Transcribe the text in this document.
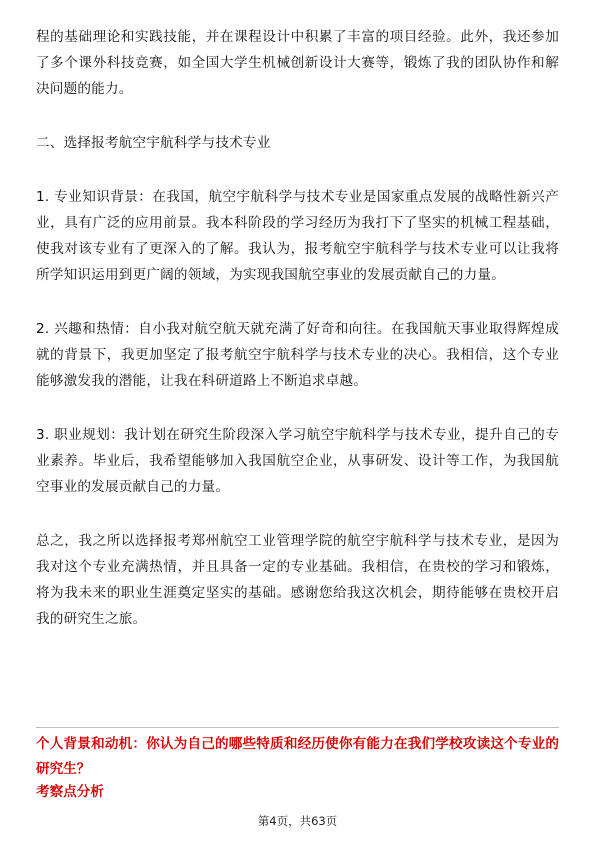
程的基础理论和实践技能，并在课程设计中积累了丰富的项目经验。此外，我还参加了多个课外科技竞赛，如全国大学生机械创新设计大赛等，锻炼了我的团队协作和解决问题的能力。

二、选择报考航空宇航科学与技术专业

1. 专业知识背景：在我国，航空宇航科学与技术专业是国家重点发展的战略性新兴产业，具有广泛的应用前景。我本科阶段的学习经历为我打下了坚实的机械工程基础，使我对该专业有了更深入的了解。我认为，报考航空宇航科学与技术专业可以让我将所学知识运用到更广阔的领域，为实现我国航空事业的发展贡献自己的力量。

2. 兴趣和热情：自小我对航空航天就充满了好奇和向往。在我国航天事业取得辉煌成就的背景下，我更加坚定了报考航空宇航科学与技术专业的决心。我相信，这个专业能够激发我的潜能，让我在科研道路上不断追求卓越。

3. 职业规划：我计划在研究生阶段深入学习航空宇航科学与技术专业，提升自己的专业素养。毕业后，我希望能够加入我国航空企业，从事研发、设计等工作，为我国航空事业的发展贡献自己的力量。

总之，我之所以选择报考郑州航空工业管理学院的航空宇航科学与技术专业，是因为我对这个专业充满热情，并且具备一定的专业基础。我相信，在贵校的学习和锻炼，将为我未来的职业生涯奠定坚实的基础。感谢您给我这次机会，期待能够在贵校开启我的研究生之旅。

个人背景和动机：你认为自己的哪些特质和经历使你有能力在我们学校攻读这个专业的研究生？
考察点分析
第4页，共63页
